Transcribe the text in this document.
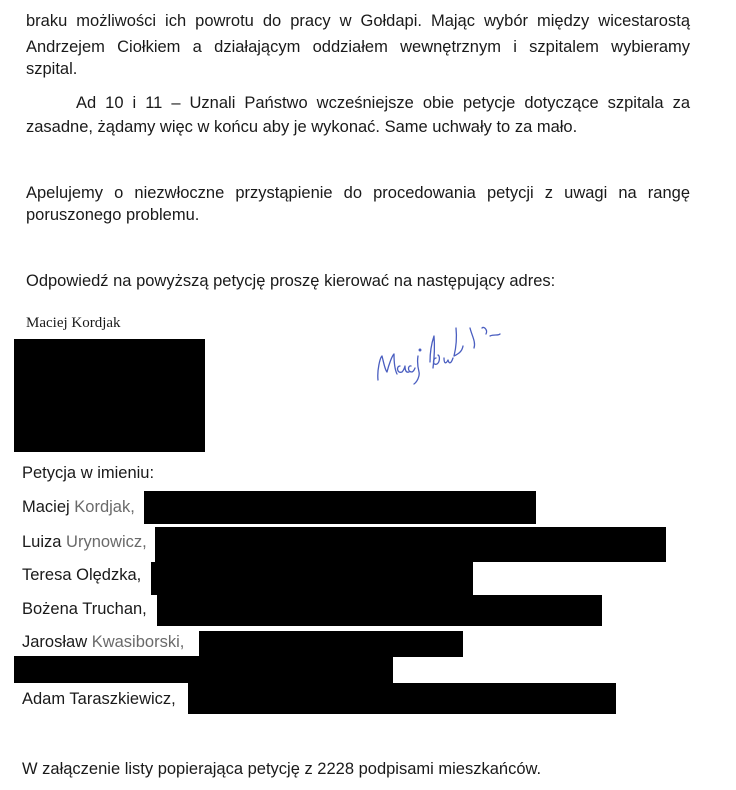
braku możliwości ich powrotu do pracy w Gołdapi. Mając wybór między wicestarostą
Andrzejem Ciołkiem a działającym oddziałem wewnętrznym i szpitalem wybieramy
szpital.
Ad 10 i 11 – Uznali Państwo wcześniejsze obie petycje dotyczące szpitala za
zasadne, żądamy więc w końcu aby je wykonać. Same uchwały to za mało.
Apelujemy o niezwłoczne przystąpienie do procedowania petycji z uwagi na rangę
poruszonego problemu.
Odpowiedź na powyższą petycję proszę kierować na następujący adres:
Maciej Kordjak
Petycja w imieniu:
Maciej Kordjak,
Luiza Urynowicz,
Teresa Olędzka,
Bożena Truchan,
Jarosław Kwasiborski,
Adam Taraszkiewicz,
W załączenie listy popierająca petycję z 2228 podpisami mieszkańców.
